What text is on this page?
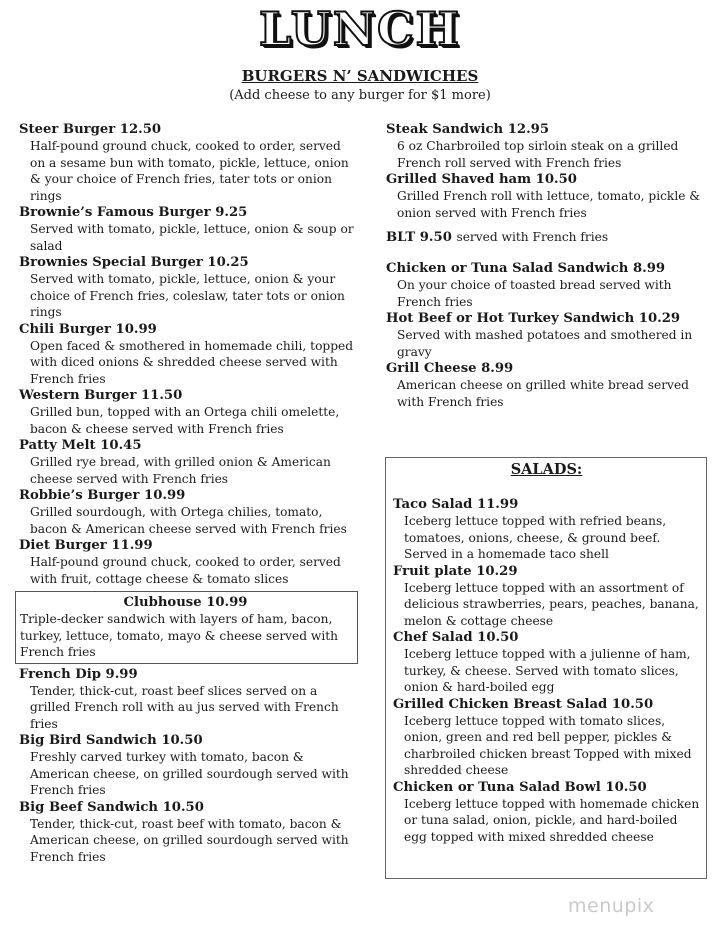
LUNCH
BURGERS N’ SANDWICHES
(Add cheese to any burger for $1 more)
Steer Burger 12.50
Half-pound ground chuck, cooked to order, served on a sesame bun with tomato, pickle, lettuce, onion & your choice of French fries, tater tots or onion rings
Brownie’s Famous Burger 9.25
Served with tomato, pickle, lettuce, onion & soup or salad
Brownies Special Burger 10.25
Served with tomato, pickle, lettuce, onion & your choice of French fries, coleslaw, tater tots or onion rings
Chili Burger 10.99
Open faced & smothered in homemade chili, topped with diced onions & shredded cheese served with French fries
Western Burger 11.50
Grilled bun, topped with an Ortega chili omelette, bacon & cheese served with French fries
Patty Melt 10.45
Grilled rye bread, with grilled onion & American cheese served with French fries
Robbie’s Burger 10.99
Grilled sourdough, with Ortega chilies, tomato, bacon & American cheese served with French fries
Diet Burger 11.99
Half-pound ground chuck, cooked to order, served with fruit, cottage cheese & tomato slices
Clubhouse 10.99
Triple-decker sandwich with layers of ham, bacon, turkey, lettuce, tomato, mayo & cheese served with French fries
French Dip 9.99
Tender, thick-cut, roast beef slices served on a grilled French roll with au jus served with French fries
Big Bird Sandwich 10.50
Freshly carved turkey with tomato, bacon & American cheese, on grilled sourdough served with French fries
Big Beef Sandwich 10.50
Tender, thick-cut, roast beef with tomato, bacon & American cheese, on grilled sourdough served with French fries
Steak Sandwich 12.95
6 oz Charbroiled top sirloin steak on a grilled French roll served with French fries
Grilled Shaved ham 10.50
Grilled French roll with lettuce, tomato, pickle & onion served with French fries
BLT 9.50 served with French fries
Chicken or Tuna Salad Sandwich 8.99
On your choice of toasted bread served with French fries
Hot Beef or Hot Turkey Sandwich 10.29
Served with mashed potatoes and smothered in gravy
Grill Cheese 8.99
American cheese on grilled white bread served with French fries
SALADS:
Taco Salad 11.99
Iceberg lettuce topped with refried beans, tomatoes, onions, cheese, & ground beef. Served in a homemade taco shell
Fruit plate 10.29
Iceberg lettuce topped with an assortment of delicious strawberries, pears, peaches, banana, melon & cottage cheese
Chef Salad 10.50
Iceberg lettuce topped with a julienne of ham, turkey, & cheese. Served with tomato slices, onion & hard-boiled egg
Grilled Chicken Breast Salad 10.50
Iceberg lettuce topped with tomato slices, onion, green and red bell pepper, pickles & charbroiled chicken breast Topped with mixed shredded cheese
Chicken or Tuna Salad Bowl 10.50
Iceberg lettuce topped with homemade chicken or tuna salad, onion, pickle, and hard-boiled egg topped with mixed shredded cheese
menupix
